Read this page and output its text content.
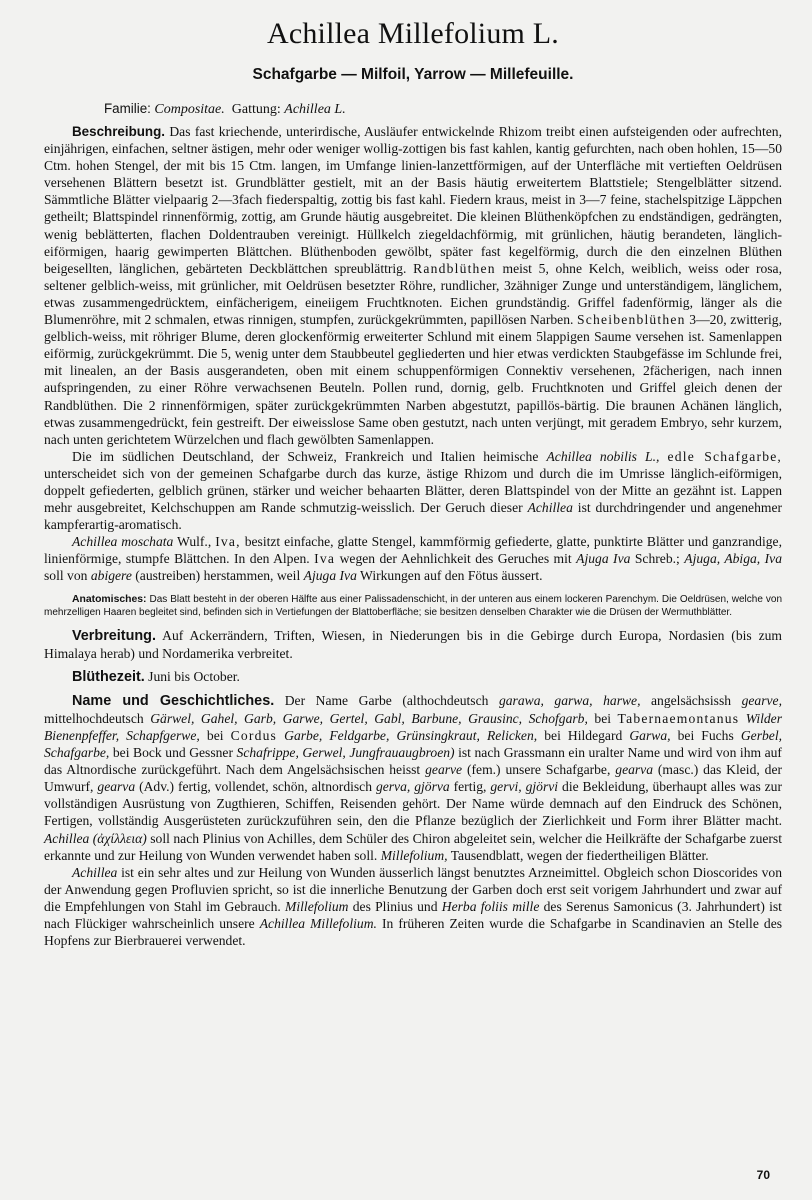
Achillea Millefolium L.
Schafgarbe — Milfoil, Yarrow — Millefeuille.
Familie: Compositae. Gattung: Achillea L.

Beschreibung. Das fast kriechende, unterirdische, Ausläufer entwickelnde Rhizom treibt einen aufsteigenden oder aufrechten, einjährigen, einfachen, seltner ästigen, mehr oder weniger wollig-zottigen bis fast kahlen, kantig gefurchten, nach oben hohlen, 15—50 Ctm. hohen Stengel, der mit bis 15 Ctm. langen, im Umfange linien-lanzettförmigen, auf der Unterfläche mit vertieften Oeldrüsen versehenen Blättern besetzt ist. Grundblätter gestielt, mit an der Basis häutig erweitertem Blattstiele; Stengelblätter sitzend. Sämmtliche Blätter vielpaarig 2—3fach fiederspaltig, zottig bis fast kahl. Fiedern kraus, meist in 3—7 feine, stachelspitzige Läppchen getheilt; Blattspindel rinnenförmig, zottig, am Grunde häutig ausgebreitet. Die kleinen Blüthenköpfchen zu endständigen, gedrängten, wenig beblätterten, flachen Doldentrauben vereinigt. Hüllkelch ziegeldachförmig, mit grünlichen, häutig berandeten, länglich-eiförmigen, haarig gewimperten Blättchen. Blüthenboden gewölbt, später fast kegelförmig, durch die den einzelnen Blüthen beigesellten, länglichen, gebärteten Deckblättchen spreublättrig. Randblüthen meist 5, ohne Kelch, weiblich, weiss oder rosa, seltener gelblich-weiss, mit grünlicher, mit Oeldrüsen besetzter Röhre, rundlicher, 3zähniger Zunge und unterständigem, länglichem, etwas zusammengedrücktem, einfächerigem, eineiigem Fruchtknoten. Eichen grundständig. Griffel fadenförmig, länger als die Blumenröhre, mit 2 schmalen, etwas rinnigen, stumpfen, zurückgekrümmten, papillösen Narben. Scheibenblüthen 3—20, zwitterig, gelblich-weiss, mit röhriger Blume, deren glockenförmig erweiterter Schlund mit einem 5lappigen Saume versehen ist. Samenlappen eiförmig, zurückgekrümmt. Die 5, wenig unter dem Staubbeutel gegliederten und hier etwas verdickten Staubgefässe im Schlunde frei, mit linealen, an der Basis ausgerandeten, oben mit einem schuppenförmigen Connektiv versehenen, 2fächerigen, nach innen aufspringenden, zu einer Röhre verwachsenen Beuteln. Pollen rund, dornig, gelb. Fruchtknoten und Griffel gleich denen der Randblüthen. Die 2 rinnenförmigen, später zurückgekrümmten Narben abgestutzt, papillös-bärtig. Die braunen Achänen länglich, etwas zusammengedrückt, fein gestreift. Der eiweisslose Same oben gestutzt, nach unten verjüngt, mit geradem Embryo, sehr kurzem, nach unten gerichtetem Würzelchen und flach gewölbten Samenlappen.

Die im südlichen Deutschland, der Schweiz, Frankreich und Italien heimische Achillea nobilis L., edle Schafgarbe, unterscheidet sich von der gemeinen Schafgarbe durch das kurze, ästige Rhizom und durch die im Umrisse länglich-eiförmigen, doppelt gefiederten, gelblich grünen, stärker und weicher behaarten Blätter, deren Blattspindel von der Mitte an gezähnt ist. Lappen mehr ausgebreitet, Kelchschuppen am Rande schmutzig-weisslich. Der Geruch dieser Achillea ist durchdringender und angenehmer kampferartig-aromatisch.

Achillea moschata Wulf., Iva, besitzt einfache, glatte Stengel, kammförmig gefiederte, glatte, punktirte Blätter und ganzrandige, linienförmige, stumpfe Blättchen. In den Alpen. Iva wegen der Aehnlichkeit des Geruches mit Ajuga Iva Schreb.; Ajuga, Abiga, Iva soll von abigere (austreiben) herstammen, weil Ajuga Iva Wirkungen auf den Fötus äussert.

Anatomisches: Das Blatt besteht in der oberen Hälfte aus einer Palissadenschicht, in der unteren aus einem lockeren Parenchym. Die Oeldrüsen, welche von mehrzelligen Haaren begleitet sind, befinden sich in Vertiefungen der Blattoberfläche; sie besitzen denselben Charakter wie die Drüsen der Wermuthblätter.

Verbreitung. Auf Ackerrändern, Triften, Wiesen, in Niederungen bis in die Gebirge durch Europa, Nordasien (bis zum Himalaya herab) und Nordamerika verbreitet.

Blüthezeit. Juni bis October.

Name und Geschichtliches. Der Name Garbe (althochdeutsch garawa, garwa, harwe, angelsächsissh gearve, mittelhochdeutsch Gärwel, Gahel, Garb, Garwe, Gertel, Gabl, Barbune, Grausinc, Schofgarb, bei Tabernaemontanus Wilder Bienenpfeffer, Schapfgerwe, bei Cordus Garbe, Feldgarbe, Grünsingkraut, Relicken, bei Hildegard Garwa, bei Fuchs Gerbel, Schafgarbe, bei Bock und Gessner Schafrippe, Gerwel, Jungfrauaugbroen) ist nach Grassmann ein uralter Name und wird von ihm auf das Altnordische zurückgeführt. Nach dem Angelsächsischen heisst gearve (fem.) unsere Schafgarbe, gearva (masc.) das Kleid, der Umwurf, gearva (Adv.) fertig, vollendet, schön, altnordisch gerva, gjörva fertig, gervi, gjörvi die Bekleidung, überhaupt alles was zur vollständigen Ausrüstung von Zugthieren, Schiffen, Reisenden gehört. Der Name würde demnach auf den Eindruck des Schönen, Fertigen, vollständig Ausgerüsteten zurückzuführen sein, den die Pflanze bezüglich der Zierlichkeit und Form ihrer Blätter macht. Achillea (ἀχίλλεια) soll nach Plinius von Achilles, dem Schüler des Chiron abgeleitet sein, welcher die Heilkräfte der Schafgarbe zuerst erkannte und zur Heilung von Wunden verwendet haben soll. Millefolium, Tausendblatt, wegen der fiedertheiligen Blätter.

Achillea ist ein sehr altes und zur Heilung von Wunden äusserlich längst benutztes Arzneimittel. Obgleich schon Dioscorides von der Anwendung gegen Profluvien spricht, so ist die innerliche Benutzung der Garben doch erst seit vorigem Jahrhundert und zwar auf die Empfehlungen von Stahl im Gebrauch. Millefolium des Plinius und Herba foliis mille des Serenus Samonicus (3. Jahrhundert) ist nach Flückiger wahrscheinlich unsere Achillea Millefolium. In früheren Zeiten wurde die Schafgarbe in Scandinavien an Stelle des Hopfens zur Bierbrauerei verwendet.

70
